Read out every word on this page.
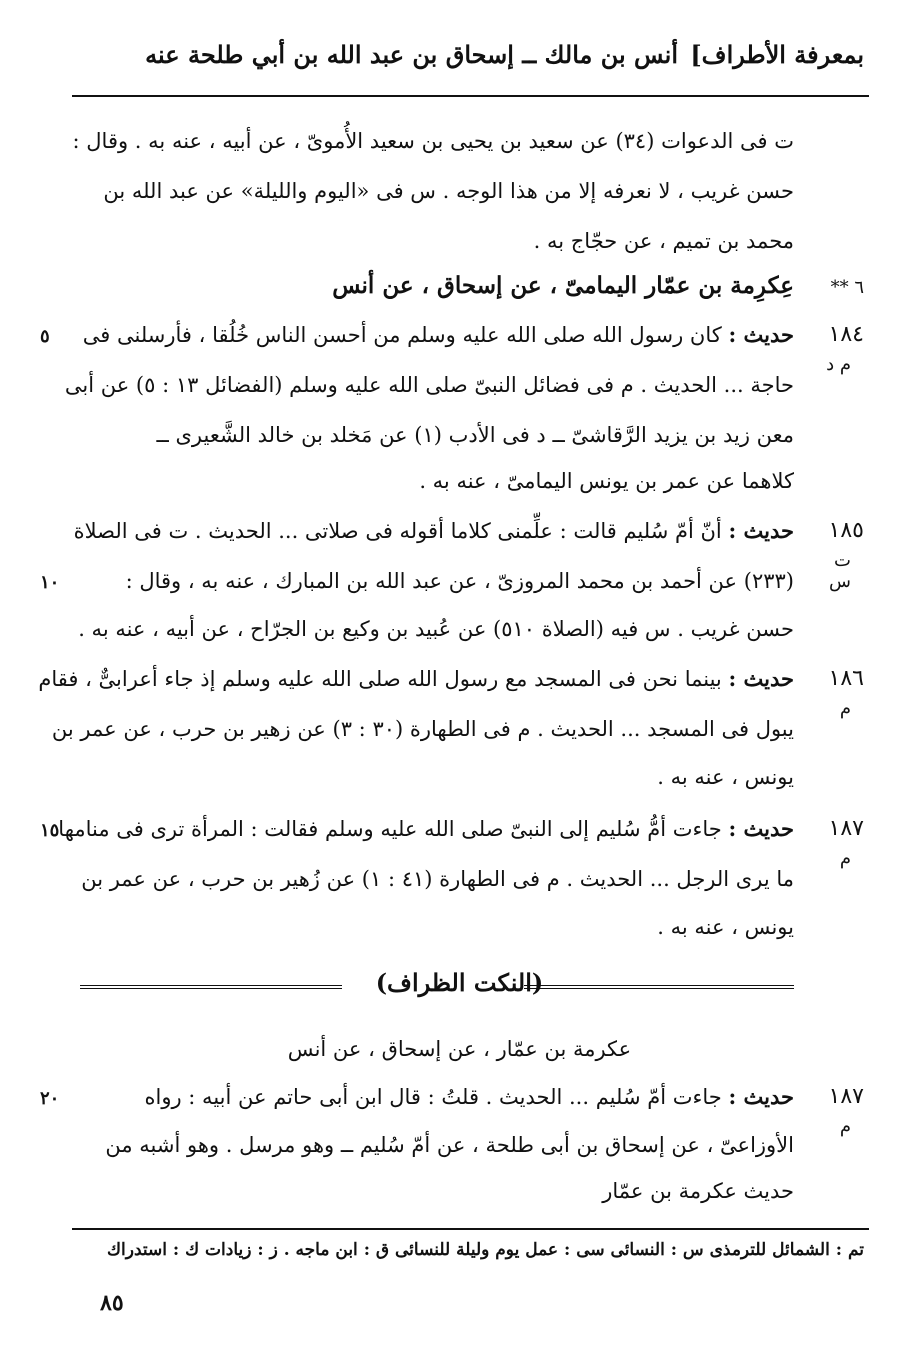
بمعرفة الأطراف]
أنس بن مالك ــ إسحاق بن عبد الله بن أبي طلحة عنه
ت فى الدعوات (٣٤) عن سعيد بن يحيى بن سعيد الأُموىّ ، عن أبيه ، عنه به . وقال :
حسن غريب ، لا نعرفه إلا من هذا الوجه . س فى «اليوم والليلة» عن عبد الله بن
محمد بن تميم ، عن حجّاج به .
٦ **
عِكرِمة بن عمّار اليمامىّ ، عن إسحاق ، عن أنس
١٨٤
م د
حديث : كان رسول الله صلى الله عليه وسلم من أحسن الناس خُلُقا ، فأرسلنى فى
حاجة ... الحديث . م فى فضائل النبىّ صلى الله عليه وسلم (الفضائل ١٣ : ٥) عن أبى
معن زيد بن يزيد الرَّقاشىّ ــ د فى الأدب (١) عن مَخلد بن خالد الشَّعيرى ــ
كلاهما عن عمر بن يونس اليمامىّ ، عنه به .
١٨٥
ت س
حديث : أنّ أمّ سُليم قالت : علِّمنى كلاما أقوله فى صلاتى ... الحديث . ت فى الصلاة
(٢٣٣) عن أحمد بن محمد المروزىّ ، عن عبد الله بن المبارك ، عنه به ، وقال :
حسن غريب . س فيه (الصلاة ٥١٠) عن عُبيد بن وكيع بن الجرّاح ، عن أبيه ، عنه به .
١٨٦
م
حديث : بينما نحن فى المسجد مع رسول الله صلى الله عليه وسلم إذ جاء أعرابىٌّ ، فقام
يبول فى المسجد ... الحديث . م فى الطهارة (٣٠ : ٣) عن زهير بن حرب ، عن عمر بن
يونس ، عنه به .
١٨٧
م
حديث : جاءت أمُّ سُليم إلى النبىّ صلى الله عليه وسلم فقالت : المرأة ترى فى منامها
ما يرى الرجل ... الحديث . م فى الطهارة (٤١ : ١) عن زُهير بن حرب ، عن عمر بن
يونس ، عنه به .
(النكت الظراف)
عكرمة بن عمّار ، عن إسحاق ، عن أنس
١٨٧
م
حديث : جاءت أمّ سُليم ... الحديث . قلتُ : قال ابن أبى حاتم عن أبيه : رواه
الأوزاعىّ ، عن إسحاق بن أبى طلحة ، عن أمّ سُليم ــ وهو مرسل . وهو أشبه من
حديث عكرمة بن عمّار
٥
١٠
١٥
٢٠
تم : الشمائل للترمذى س : النسائى سى : عمل يوم وليلة للنسائى ق : ابن ماجه . ز : زيادات ك : استدراك
٨٥
